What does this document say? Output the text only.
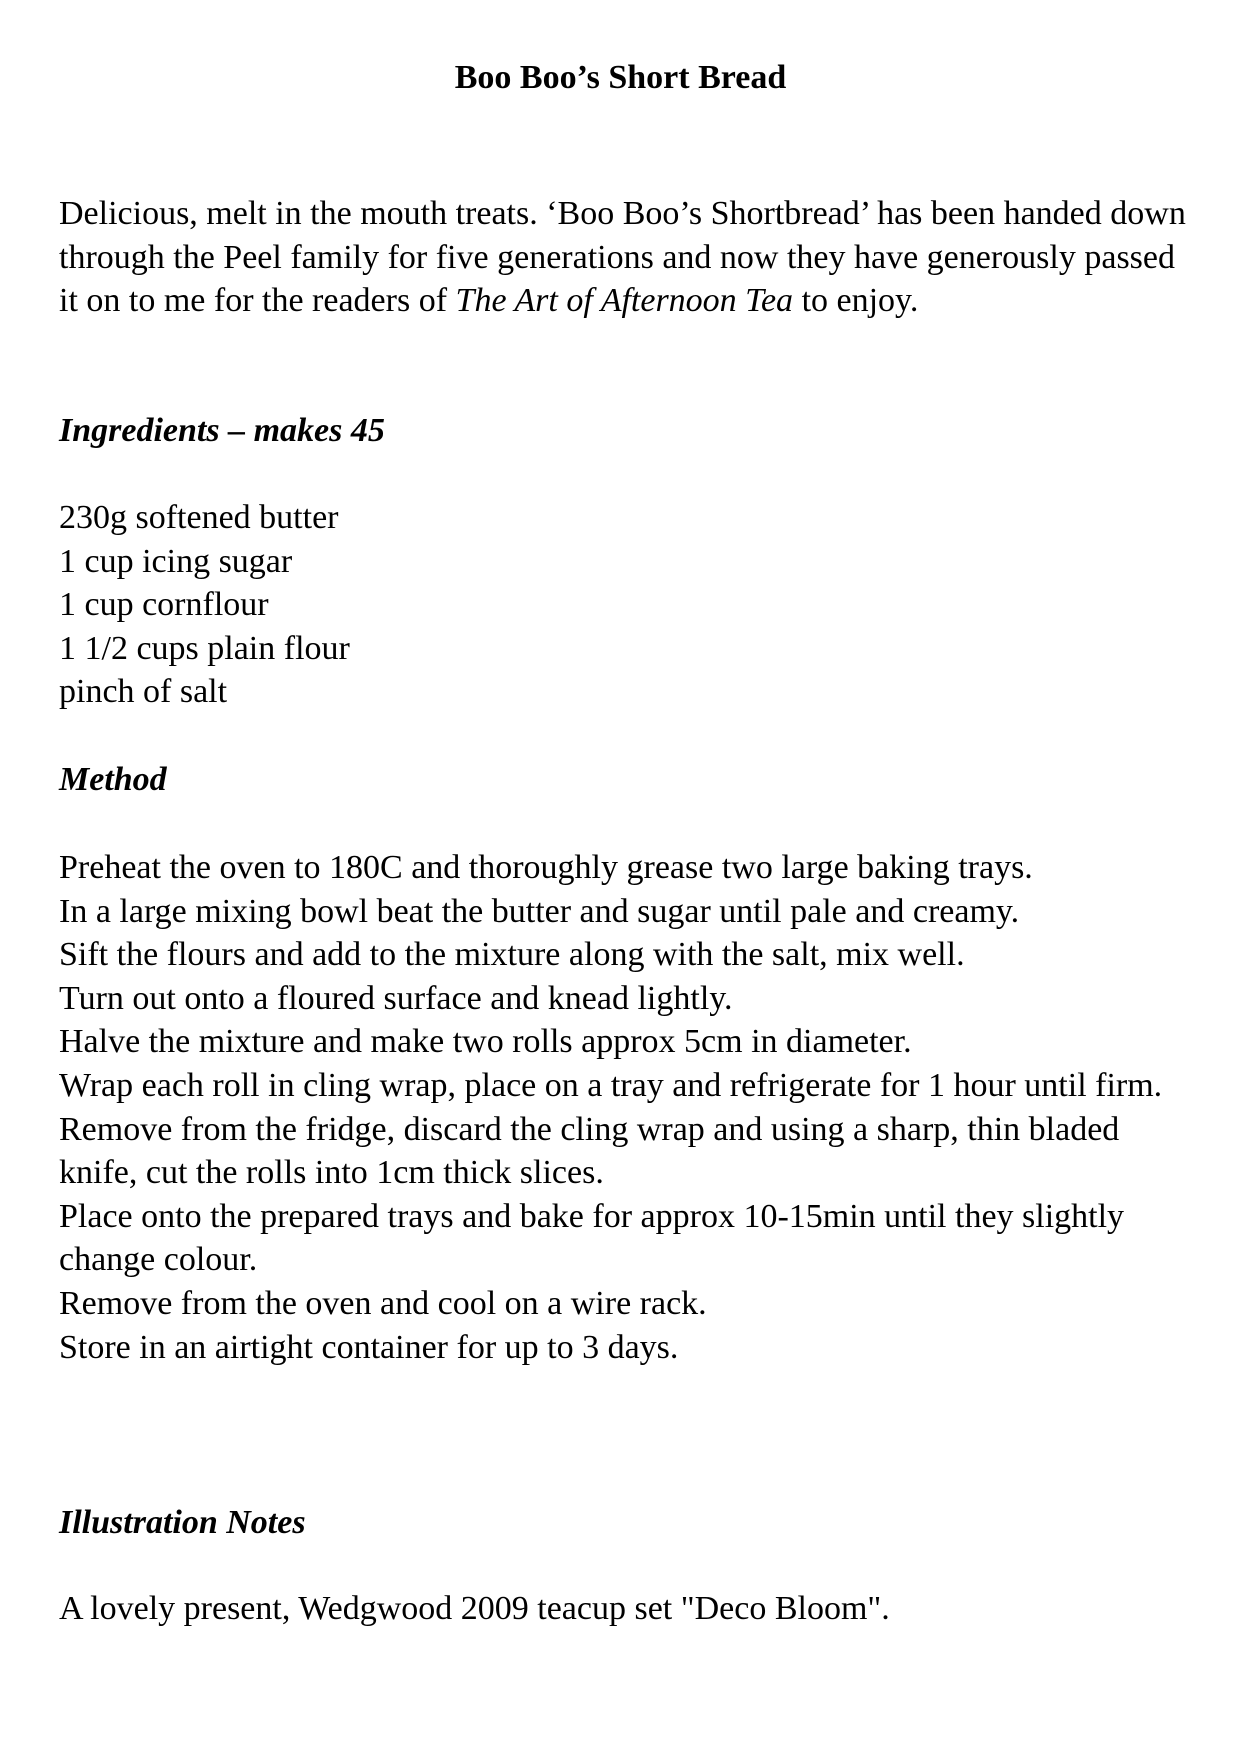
Boo Boo’s Short Bread

Delicious, melt in the mouth treats. ‘Boo Boo’s Shortbread’ has been handed down through the Peel family for five generations and now they have generously passed it on to me for the readers of The Art of Afternoon Tea to enjoy.

Ingredients – makes 45
230g softened butter
1 cup icing sugar
1 cup cornflour
1 1/2 cups plain flour
pinch of salt
Method
Preheat the oven to 180C and thoroughly grease two large baking trays.
In a large mixing bowl beat the butter and sugar until pale and creamy.
Sift the flours and add to the mixture along with the salt, mix well.
Turn out onto a floured surface and knead lightly.
Halve the mixture and make two rolls approx 5cm in diameter.
Wrap each roll in cling wrap, place on a tray and refrigerate for 1 hour until firm.
Remove from the fridge, discard the cling wrap and using a sharp, thin bladed knife, cut the rolls into 1cm thick slices.
Place onto the prepared trays and bake for approx 10-15min until they slightly change colour.
Remove from the oven and cool on a wire rack.
Store in an airtight container for up to 3 days.
Illustration Notes

A lovely present, Wedgwood 2009 teacup set "Deco Bloom".
